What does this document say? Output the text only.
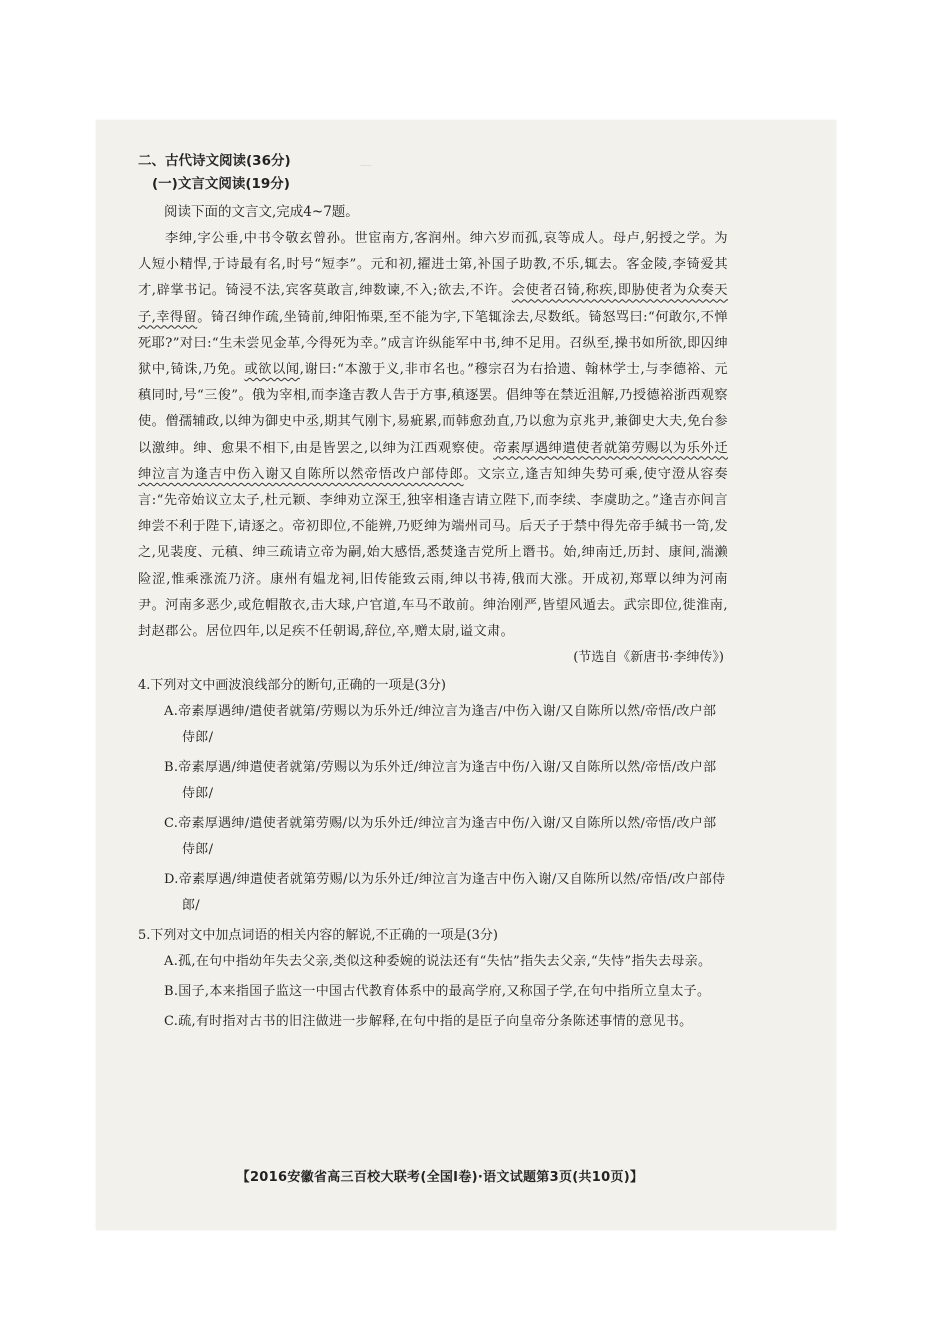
二、古代诗文阅读(36分)

(一)文言文阅读(19分)

阅读下面的文言文,完成4~7题。

李绅,字公垂,中书令敬玄曾孙。世宦南方,客润州。绅六岁而孤,哀等成人。母卢,躬授之学。为人短小精悍,于诗最有名,时号“短李”。元和初,擢进士第,补国子助教,不乐,辄去。客金陵,李锜爱其才,辟掌书记。锜浸不法,宾客莫敢言,绅数谏,不入;欲去,不许。会使者召锜,称疾,即胁使者为众奏天子,幸得留。锜召绅作疏,坐锜前,绅阳怖栗,至不能为字,下笔辄涂去,尽数纸。锜怒骂曰:“何敢尔,不惮死耶?”对曰:“生未尝见金革,今得死为幸。”成言许纵能军中书,绅不足用。召纵至,操书如所欲,即囚绅狱中,锜诛,乃免。或欲以闻,谢曰:“本激于义,非市名也。”穆宗召为右拾遗、翰林学士,与李德裕、元稹同时,号“三俊”。俄为宰相,而李逢吉教人告于方事,稹逐罢。倡绅等在禁近沮解,乃授德裕浙西观察使。僧孺辅政,以绅为御史中丞,期其气刚卞,易疵累,而韩愈劲直,乃以愈为京兆尹,兼御史大夫,免台参以激绅。绅、愈果不相下,由是皆罢之,以绅为江西观察使。帝素厚遇绅遣使者就第劳赐以为乐外迁绅泣言为逢吉中伤入谢又自陈所以然帝悟改户部侍郎。文宗立,逢吉知绅失势可乘,使守澄从容奏言:“先帝始议立太子,杜元颖、李绅劝立深王,独宰相逢吉请立陛下,而李续、李虞助之。”逢吉亦间言绅尝不利于陛下,请逐之。帝初即位,不能辨,乃贬绅为端州司马。后天子于禁中得先帝手缄书一笥,发之,见裴度、元稹、绅三疏请立帝为嗣,始大感悟,悉焚逢吉党所上谮书。始,绅南迁,历封、康间,湍濑险涩,惟乘涨流乃济。康州有媪龙祠,旧传能致云雨,绅以书祷,俄而大涨。开成初,郑覃以绅为河南尹。河南多恶少,或危帽散衣,击大球,户官道,车马不敢前。绅治刚严,皆望风遁去。武宗即位,徙淮南,封赵郡公。居位四年,以足疾不任朝谒,辞位,卒,赠太尉,谥文肃。

(节选自《新唐书·李绅传》)

4.下列对文中画波浪线部分的断句,正确的一项是(3分)

A.帝素厚遇绅/遣使者就第/劳赐以为乐外迁/绅泣言为逢吉/中伤入谢/又自陈所以然/帝悟/改户部侍郎/

B.帝素厚遇/绅遣使者就第/劳赐以为乐外迁/绅泣言为逢吉中伤/入谢/又自陈所以然/帝悟/改户部侍郎/

C.帝素厚遇绅/遣使者就第劳赐/以为乐外迁/绅泣言为逢吉中伤/入谢/又自陈所以然/帝悟/改户部侍郎/

D.帝素厚遇/绅遣使者就第劳赐/以为乐外迁/绅泣言为逢吉中伤入谢/又自陈所以然/帝悟/改户部侍郎/

5.下列对文中加点词语的相关内容的解说,不正确的一项是(3分)

A.孤,在句中指幼年失去父亲,类似这种委婉的说法还有“失怙”指失去父亲,“失恃”指失去母亲。

B.国子,本来指国子监这一中国古代教育体系中的最高学府,又称国子学,在句中指所立皇太子。

C.疏,有时指对古书的旧注做进一步解释,在句中指的是臣子向皇帝分条陈述事情的意见书。

【2016安徽省高三百校大联考(全国Ⅰ卷)·语文试题第3页(共10页)】
